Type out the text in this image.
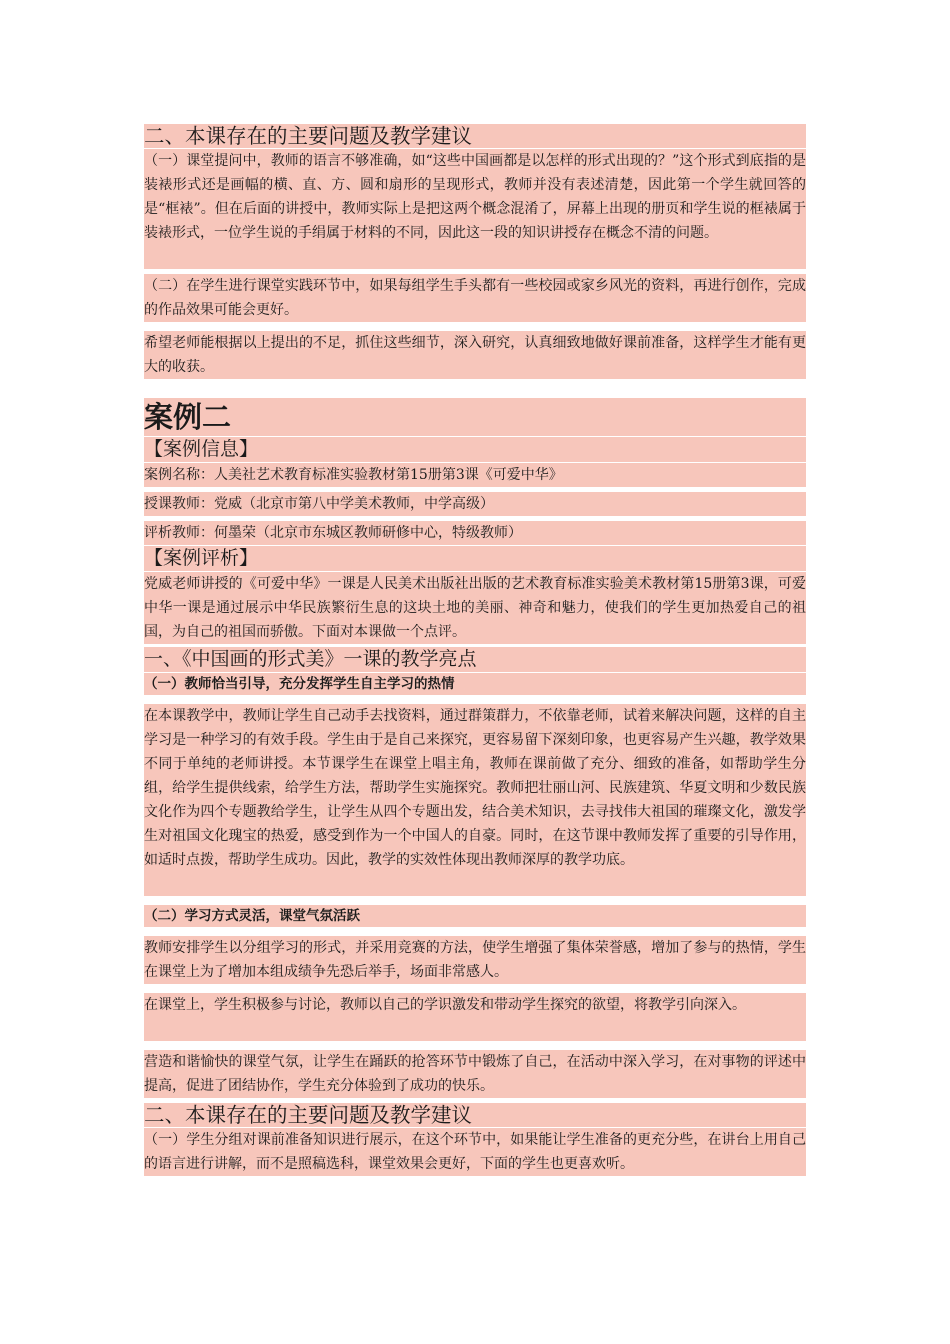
二、本课存在的主要问题及教学建议
（一）课堂提问中，教师的语言不够准确，如“这些中国画都是以怎样的形式出现的？”这个形式到底指的是装裱形式还是画幅的横、直、方、圆和扇形的呈现形式，教师并没有表述清楚，因此第一个学生就回答的是“框裱”。但在后面的讲授中，教师实际上是把这两个概念混淆了，屏幕上出现的册页和学生说的框裱属于装裱形式，一位学生说的手绢属于材料的不同，因此这一段的知识讲授存在概念不清的问题。
（二）在学生进行课堂实践环节中，如果每组学生手头都有一些校园或家乡风光的资料，再进行创作，完成的作品效果可能会更好。
希望老师能根据以上提出的不足，抓住这些细节，深入研究，认真细致地做好课前准备，这样学生才能有更大的收获。
案例二
【案例信息】
案例名称：人美社艺术教育标准实验教材第15册第3课《可爱中华》
授课教师：党威（北京市第八中学美术教师，中学高级）
评析教师：何墨荣（北京市东城区教师研修中心，特级教师）
【案例评析】
党威老师讲授的《可爱中华》一课是人民美术出版社出版的艺术教育标准实验美术教材第15册第3课，可爱中华一课是通过展示中华民族繁衍生息的这块土地的美丽、神奇和魅力，使我们的学生更加热爱自己的祖国，为自己的祖国而骄傲。下面对本课做一个点评。
一、《中国画的形式美》一课的教学亮点
（一）教师恰当引导，充分发挥学生自主学习的热情
在本课教学中，教师让学生自己动手去找资料，通过群策群力，不依靠老师，试着来解决问题，这样的自主学习是一种学习的有效手段。学生由于是自己来探究，更容易留下深刻印象，也更容易产生兴趣，教学效果不同于单纯的老师讲授。本节课学生在课堂上唱主角，教师在课前做了充分、细致的准备，如帮助学生分组，给学生提供线索，给学生方法，帮助学生实施探究。教师把壮丽山河、民族建筑、华夏文明和少数民族文化作为四个专题教给学生，让学生从四个专题出发，结合美术知识，去寻找伟大祖国的璀璨文化，激发学生对祖国文化瑰宝的热爱，感受到作为一个中国人的自豪。同时，在这节课中教师发挥了重要的引导作用，如适时点拨，帮助学生成功。因此，教学的实效性体现出教师深厚的教学功底。
（二）学习方式灵活，课堂气氛活跃
教师安排学生以分组学习的形式，并采用竞赛的方法，使学生增强了集体荣誉感，增加了参与的热情，学生在课堂上为了增加本组成绩争先恐后举手，场面非常感人。
在课堂上，学生积极参与讨论，教师以自己的学识激发和带动学生探究的欲望，将教学引向深入。
营造和谐愉快的课堂气氛，让学生在踊跃的抢答环节中锻炼了自己，在活动中深入学习，在对事物的评述中提高，促进了团结协作，学生充分体验到了成功的快乐。
二、本课存在的主要问题及教学建议
（一）学生分组对课前准备知识进行展示，在这个环节中，如果能让学生准备的更充分些，在讲台上用自己的语言进行讲解，而不是照稿选科，课堂效果会更好，下面的学生也更喜欢听。
